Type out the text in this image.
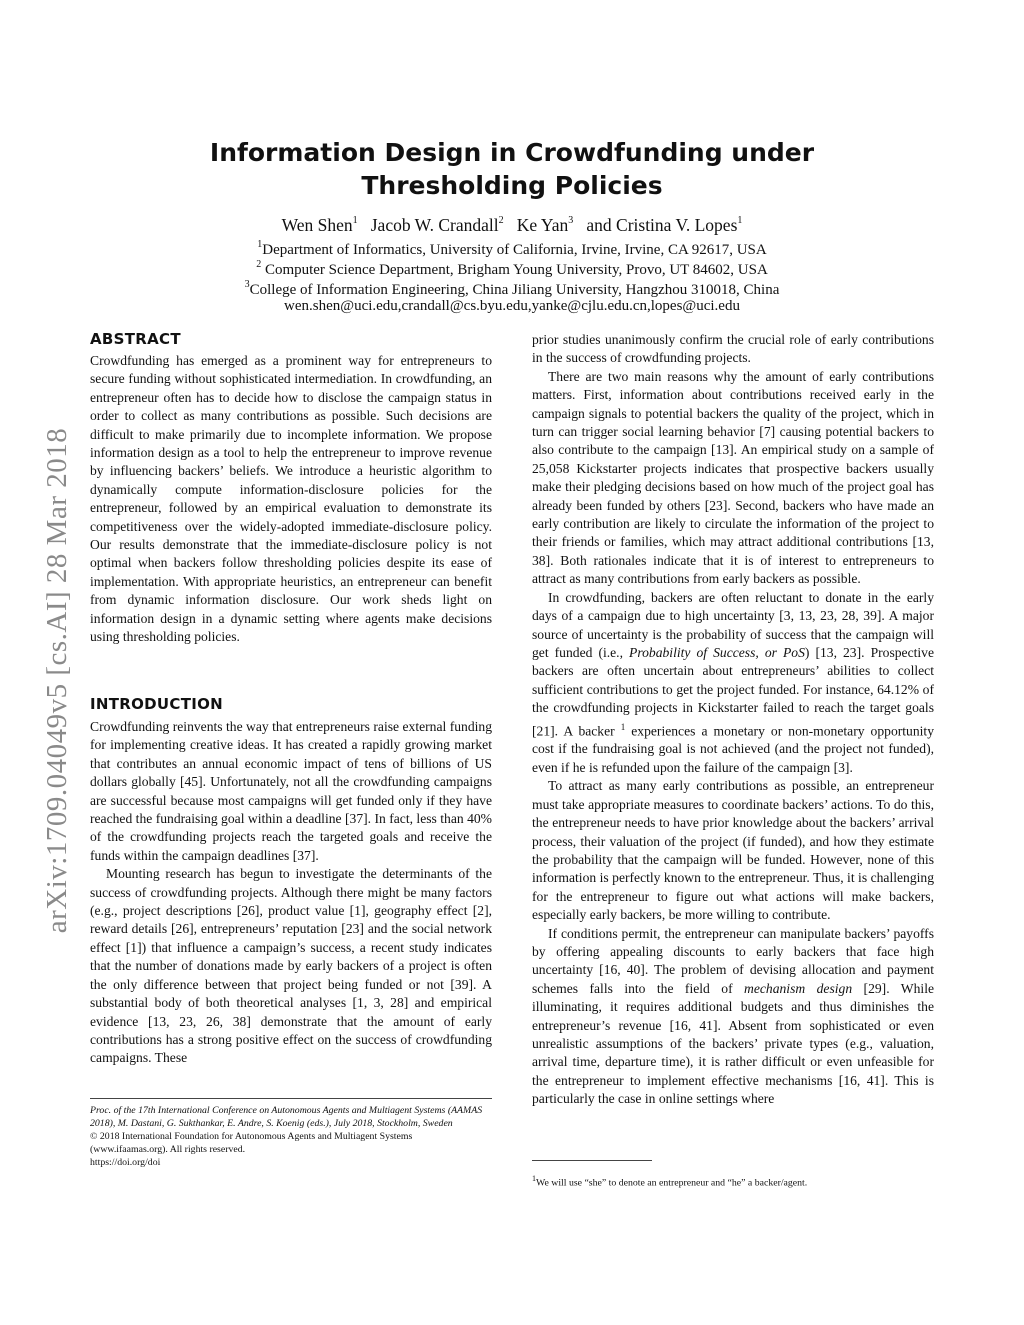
arXiv:1709.04049v5 [cs.AI] 28 Mar 2018
Information Design in Crowdfunding under Thresholding Policies
Wen Shen$^1$ Jacob W. Crandall$^2$ Ke Yan$^3$ and Cristina V. Lopes$^1$
$^1$Department of Informatics, University of California, Irvine, Irvine, CA 92617, USA
$^2$ Computer Science Department, Brigham Young University, Provo, UT 84602, USA
$^3$College of Information Engineering, China Jiliang University, Hangzhou 310018, China
wen.shen@uci.edu,crandall@cs.byu.edu,yanke@cjlu.edu.cn,lopes@uci.edu
ABSTRACT

Crowdfunding has emerged as a prominent way for entrepreneurs to secure funding without sophisticated intermediation. In crowdfunding, an entrepreneur often has to decide how to disclose the campaign status in order to collect as many contributions as possible. Such decisions are difficult to make primarily due to incomplete information. We propose information design as a tool to help the entrepreneur to improve revenue by influencing backers’ beliefs. We introduce a heuristic algorithm to dynamically compute information-disclosure policies for the entrepreneur, followed by an empirical evaluation to demonstrate its competitiveness over the widely-adopted immediate-disclosure policy. Our results demonstrate that the immediate-disclosure policy is not optimal when backers follow thresholding policies despite its ease of implementation. With appropriate heuristics, an entrepreneur can benefit from dynamic information disclosure. Our work sheds light on information design in a dynamic setting where agents make decisions using thresholding policies.

INTRODUCTION

Crowdfunding reinvents the way that entrepreneurs raise external funding for implementing creative ideas. It has created a rapidly growing market that contributes an annual economic impact of tens of billions of US dollars globally [45]. Unfortunately, not all the crowdfunding campaigns are successful because most campaigns will get funded only if they have reached the fundraising goal within a deadline [37]. In fact, less than 40% of the crowdfunding projects reach the targeted goals and receive the funds within the campaign deadlines [37].

Mounting research has begun to investigate the determinants of the success of crowdfunding projects. Although there might be many factors (e.g., project descriptions [26], product value [1], geography effect [2], reward details [26], entrepreneurs’ reputation [23] and the social network effect [1]) that influence a campaign’s success, a recent study indicates that the number of donations made by early backers of a project is often the only difference between that project being funded or not [39]. A substantial body of both theoretical analyses [1, 3, 28] and empirical evidence [13, 23, 26, 38] demonstrate that the amount of early contributions has a strong positive effect on the success of crowdfunding campaigns. These

Proc. of the 17th International Conference on Autonomous Agents and Multiagent Systems (AAMAS 2018), M. Dastani, G. Sukthankar, E. Andre, S. Koenig (eds.), July 2018, Stockholm, Sweden
© 2018 International Foundation for Autonomous Agents and Multiagent Systems (www.ifaamas.org). All rights reserved.
https://doi.org/doi

prior studies unanimously confirm the crucial role of early contributions in the success of crowdfunding projects.

There are two main reasons why the amount of early contributions matters. First, information about contributions received early in the campaign signals to potential backers the quality of the project, which in turn can trigger social learning behavior [7] causing potential backers to also contribute to the campaign [13]. An empirical study on a sample of 25,058 Kickstarter projects indicates that prospective backers usually make their pledging decisions based on how much of the project goal has already been funded by others [23]. Second, backers who have made an early contribution are likely to circulate the information of the project to their friends or families, which may attract additional contributions [13, 38]. Both rationales indicate that it is of interest to entrepreneurs to attract as many contributions from early backers as possible.

In crowdfunding, backers are often reluctant to donate in the early days of a campaign due to high uncertainty [3, 13, 23, 28, 39]. A major source of uncertainty is the probability of success that the campaign will get funded (i.e., Probability of Success, or PoS) [13, 23]. Prospective backers are often uncertain about entrepreneurs’ abilities to collect sufficient contributions to get the project funded. For instance, 64.12% of the crowdfunding projects in Kickstarter failed to reach the target goals [21]. A backer $^1$ experiences a monetary or non-monetary opportunity cost if the fundraising goal is not achieved (and the project not funded), even if he is refunded upon the failure of the campaign [3].

To attract as many early contributions as possible, an entrepreneur must take appropriate measures to coordinate backers’ actions. To do this, the entrepreneur needs to have prior knowledge about the backers’ arrival process, their valuation of the project (if funded), and how they estimate the probability that the campaign will be funded. However, none of this information is perfectly known to the entrepreneur. Thus, it is challenging for the entrepreneur to figure out what actions will make backers, especially early backers, be more willing to contribute.

If conditions permit, the entrepreneur can manipulate backers’ payoffs by offering appealing discounts to early backers that face high uncertainty [16, 40]. The problem of devising allocation and payment schemes falls into the field of mechanism design [29]. While illuminating, it requires additional budgets and thus diminishes the entrepreneur’s revenue [16, 41]. Absent from sophisticated or even unrealistic assumptions of the backers’ private types (e.g., valuation, arrival time, departure time), it is rather difficult or even unfeasible for the entrepreneur to implement effective mechanisms [16, 41]. This is particularly the case in online settings where

$^1$We will use “she” to denote an entrepreneur and “he” a backer/agent.
